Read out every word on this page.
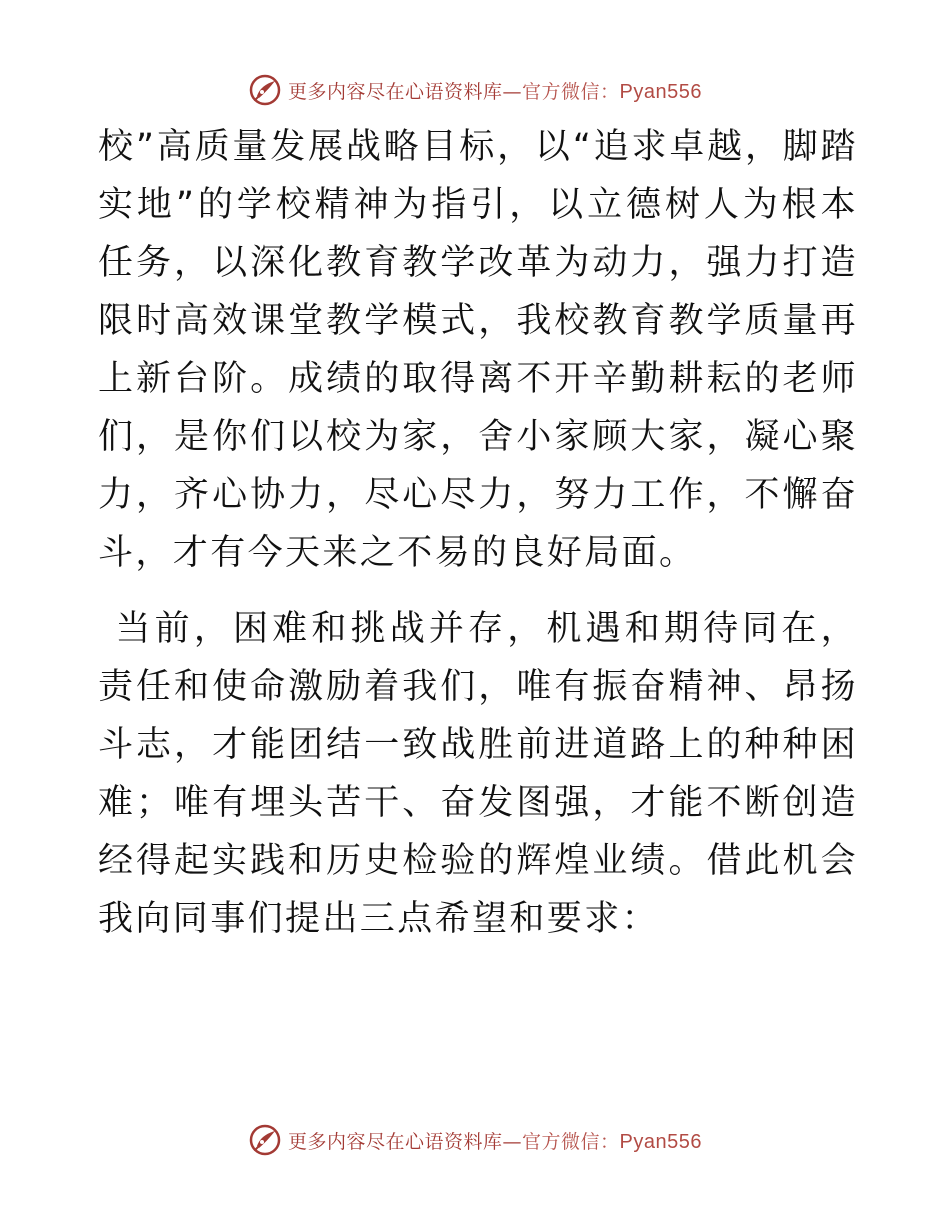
更多内容尽在心语资料库—官方微信：Pyan556

校”高质量发展战略目标，以“追求卓越，脚踏实地”的学校精神为指引，以立德树人为根本任务，以深化教育教学改革为动力，强力打造限时高效课堂教学模式，我校教育教学质量再上新台阶。成绩的取得离不开辛勤耕耘的老师们，是你们以校为家，舍小家顾大家，凝心聚力，齐心协力，尽心尽力，努力工作，不懈奋斗，才有今天来之不易的良好局面。

当前，困难和挑战并存，机遇和期待同在，责任和使命激励着我们，唯有振奋精神、昂扬斗志，才能团结一致战胜前进道路上的种种困难；唯有埋头苦干、奋发图强，才能不断创造经得起实践和历史检验的辉煌业绩。借此机会我向同事们提出三点希望和要求：

更多内容尽在心语资料库—官方微信：Pyan556
